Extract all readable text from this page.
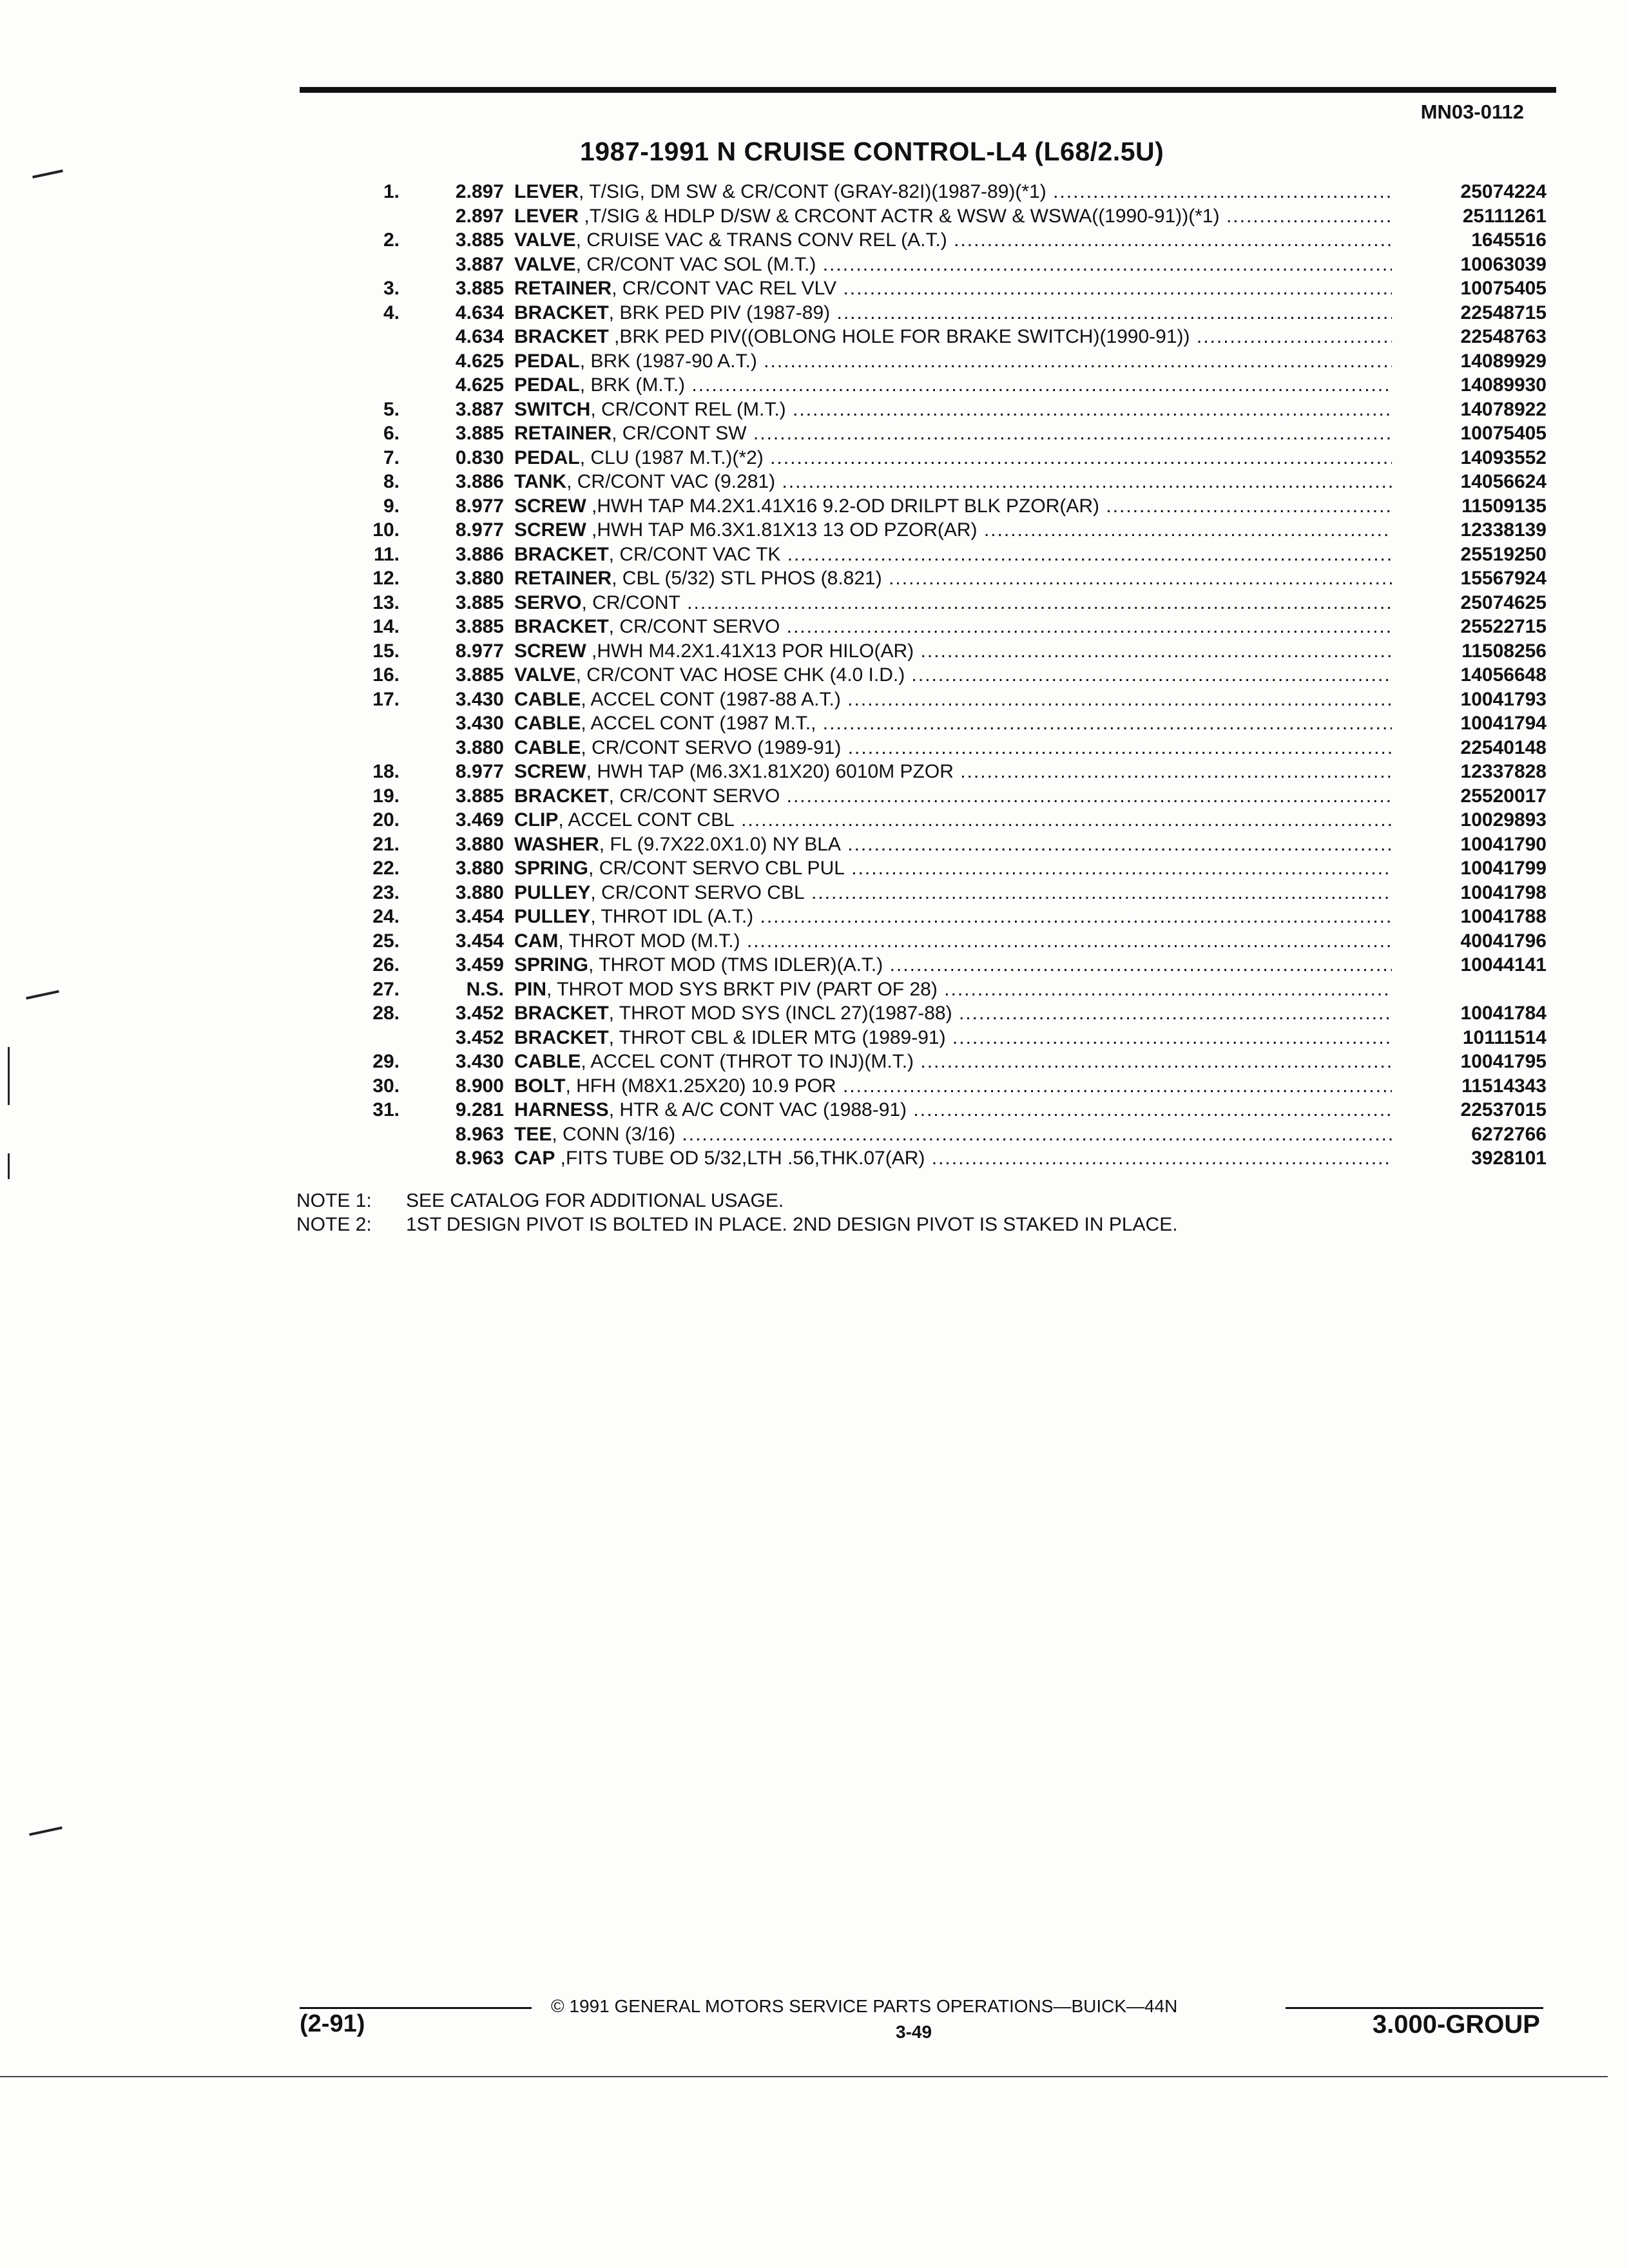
MN03-0112
1987-1991 N CRUISE CONTROL-L4 (L68/2.5U)
1.	2.897 LEVER, T/SIG, DM SW & CR/CONT (GRAY-82I)(1987-89)(*1) .....	25074224
2.897 LEVER ,T/SIG & HDLP D/SW & CRCONT ACTR & WSW & WSWA((1990-91))(*1) .....	25111261
2.	3.885 VALVE, CRUISE VAC & TRANS CONV REL (A.T.) .....	1645516
3.887 VALVE, CR/CONT VAC SOL (M.T.) .....	10063039
3.	3.885 RETAINER, CR/CONT VAC REL VLV .....	10075405
4.	4.634 BRACKET, BRK PED PIV (1987-89) .....	22548715
4.634 BRACKET ,BRK PED PIV((OBLONG HOLE FOR BRAKE SWITCH)(1990-91)) .....	22548763
4.625 PEDAL, BRK (1987-90 A.T.) .....	14089929
4.625 PEDAL, BRK (M.T.) .....	14089930
5.	3.887 SWITCH, CR/CONT REL (M.T.) .....	14078922
6.	3.885 RETAINER, CR/CONT SW .....	10075405
7.	0.830 PEDAL, CLU (1987 M.T.)(*2) .....	14093552
8.	3.886 TANK, CR/CONT VAC (9.281) .....	14056624
9.	8.977 SCREW ,HWH TAP M4.2X1.41X16 9.2-OD DRILPT BLK PZOR(AR) .....	11509135
10.	8.977 SCREW ,HWH TAP M6.3X1.81X13 13 OD PZOR(AR) .....	12338139
11.	3.886 BRACKET, CR/CONT VAC TK .....	25519250
12.	3.880 RETAINER, CBL (5/32) STL PHOS (8.821) .....	15567924
13.	3.885 SERVO, CR/CONT .....	25074625
14.	3.885 BRACKET, CR/CONT SERVO .....	25522715
15.	8.977 SCREW ,HWH M4.2X1.41X13 POR HILO(AR) .....	11508256
16.	3.885 VALVE, CR/CONT VAC HOSE CHK (4.0 I.D.) .....	14056648
17.	3.430 CABLE, ACCEL CONT (1987-88 A.T.) .....	10041793
3.430 CABLE, ACCEL CONT (1987 M.T., .....	10041794
3.880 CABLE, CR/CONT SERVO (1989-91) .....	22540148
18.	8.977 SCREW, HWH TAP (M6.3X1.81X20) 6010M PZOR .....	12337828
19.	3.885 BRACKET, CR/CONT SERVO .....	25520017
20.	3.469 CLIP, ACCEL CONT CBL .....	10029893
21.	3.880 WASHER, FL (9.7X22.0X1.0) NY BLA .....	10041790
22.	3.880 SPRING, CR/CONT SERVO CBL PUL .....	10041799
23.	3.880 PULLEY, CR/CONT SERVO CBL .....	10041798
24.	3.454 PULLEY, THROT IDL (A.T.) .....	10041788
25.	3.454 CAM, THROT MOD (M.T.) .....	40041796
26.	3.459 SPRING, THROT MOD (TMS IDLER)(A.T.) .....	10044141
27.	N.S. PIN, THROT MOD SYS BRKT PIV (PART OF 28) .....
28.	3.452 BRACKET, THROT MOD SYS (INCL 27)(1987-88) .....	10041784
3.452 BRACKET, THROT CBL & IDLER MTG (1989-91) .....	10111514
29.	3.430 CABLE, ACCEL CONT (THROT TO INJ)(M.T.) .....	10041795
30.	8.900 BOLT, HFH (M8X1.25X20) 10.9 POR .....	11514343
31.	9.281 HARNESS, HTR & A/C CONT VAC (1988-91) .....	22537015
8.963 TEE, CONN (3/16) .....	6272766
8.963 CAP ,FITS TUBE OD 5/32,LTH .56,THK.07(AR) .....	3928101
NOTE 1: SEE CATALOG FOR ADDITIONAL USAGE.
NOTE 2: 1ST DESIGN PIVOT IS BOLTED IN PLACE. 2ND DESIGN PIVOT IS STAKED IN PLACE.
© 1991 GENERAL MOTORS SERVICE PARTS OPERATIONS—BUICK—44N
3-49
(2-91)	3.000-GROUP
